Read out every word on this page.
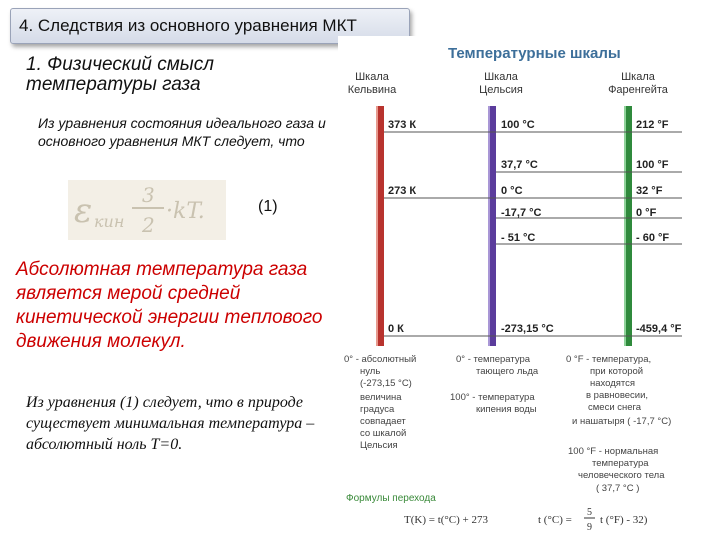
4. Следствия из основного уравнения МКТ
1. Физический смысл температуры газа
Из уравнения состояния идеального газа и основного уравнения МКТ следует, что
ε кин
3
2
·kT.	(1)
Абсолютная температура газа является мерой средней кинетической энергии теплового движения молекул.
Из уравнения (1) следует, что в природе существует минимальная температура – абсолютный ноль Т=0.
Температурные шкалы
Шкала
Кельвина
Шкала
Цельсия
Шкала
Фаренгейта
373 К
273 К
0 К
100 °С
37,7 °С
0 °С
-17,7 °С
- 51 °С
-273,15 °С
212 °F
100 °F
32 °F
0 °F
- 60 °F
-459,4 °F
0° - абсолютный
нуль
(-273,15 °С)
величина
градуса
совпадает
со шкалой
Цельсия
0° - температура
тающего льда
100° - температура
кипения воды
0 °F - температура,
при которой
находятся
в равновесии,
смеси снега
и нашатыря ( -17,7 °С)
100 °F - нормальная
температура
человеческого тела
( 37,7 °С )
Формулы перехода
T(K) = t(°C) + 273	t (°С) =
5
9
t (°F) - 32)
